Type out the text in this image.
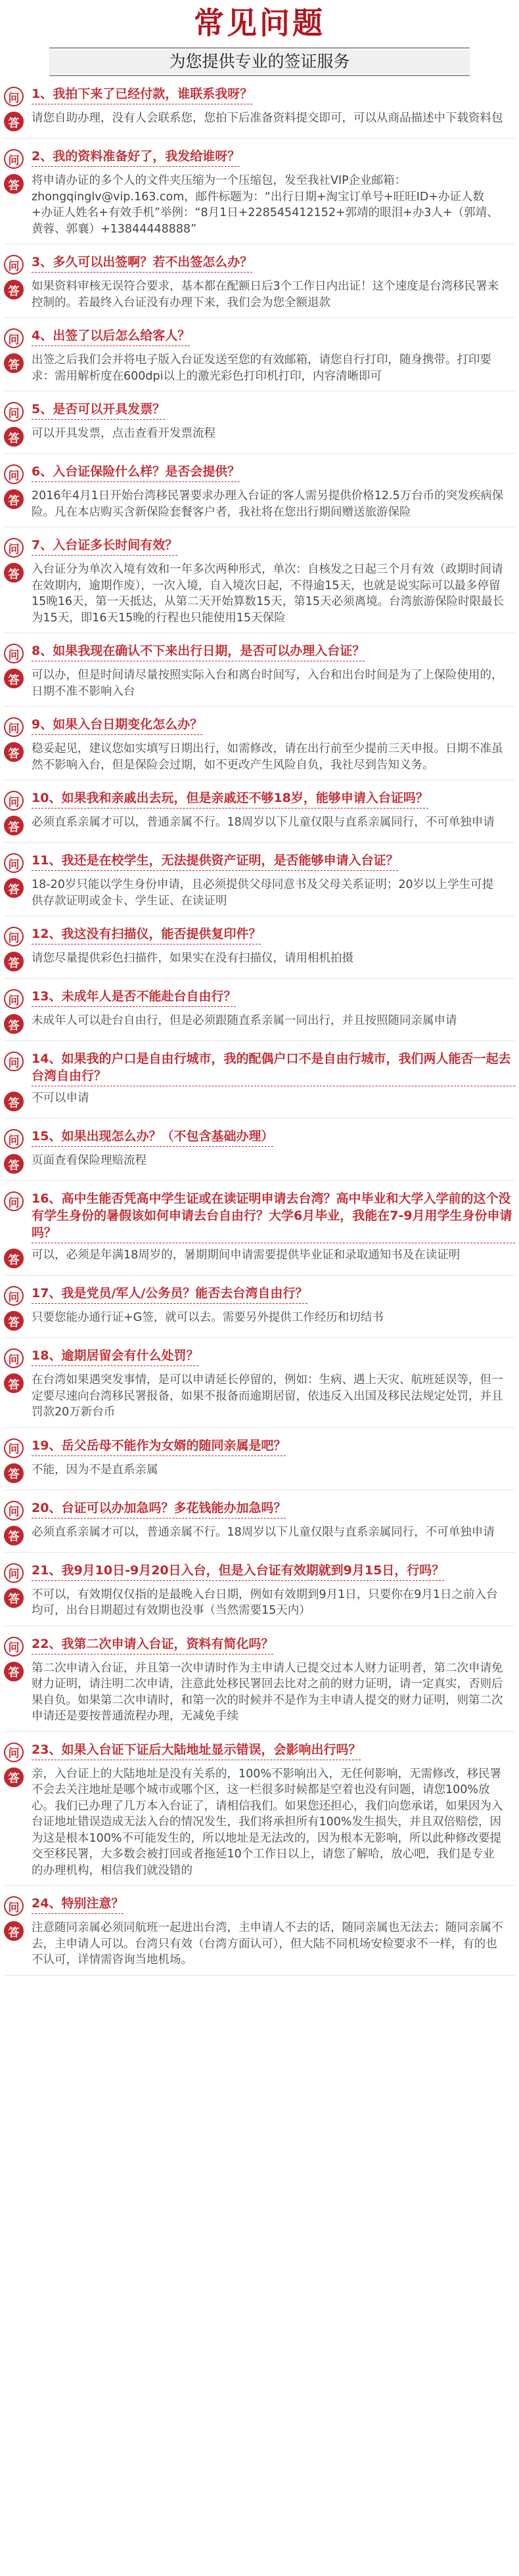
常见问题
为您提供专业的签证服务
问 1、我拍下来了已经付款，谁联系我呀？
答	请您自助办理，没有人会联系您，您拍下后准备资料提交即可，可以从商品描述中下载资料包
问 2、我的资料准备好了，我发给谁呀？
答	将申请办证的多个人的文件夹压缩为一个压缩包，发至我社VIP企业邮箱：zhongqinglv@vip.163.com，邮件标题为：“出行日期+淘宝订单号+旺旺ID+办证人数+办证人姓名+有效手机”举例：“8月1日+228545412152+郭靖的眼泪+办3人+（郭靖、黄蓉、郭襄）+13844448888”
问 3、多久可以出签啊？若不出签怎么办？
答	如果资料审核无误符合要求，基本都在配额日后3个工作日内出证！这个速度是台湾移民署来控制的。若最终入台证没有办理下来，我们会为您全额退款
问 4、出签了以后怎么给客人？
答	出签之后我们会并将电子版入台证发送至您的有效邮箱，请您自行打印，随身携带。打印要求：需用解析度在600dpi以上的激光彩色打印机打印，内容清晰即可
问 5、是否可以开具发票？
答	可以开具发票，点击查看开发票流程
问 6、入台证保险什么样？是否会提供？
答	2016年4月1日开始台湾移民署要求办理入台证的客人需另提供价格12.5万台币的突发疾病保险。凡在本店购买含新保险套餐客户者，我社将在您出行期间赠送旅游保险
问 7、入台证多长时间有效？
答	入台证分为单次入境有效和一年多次两种形式，单次：自核发之日起三个月有效（政期时间请在效期内，逾期作废），一次入境，自入境次日起，不得逾15天，也就是说实际可以最多停留15晚16天，第一天抵达，从第二天开始算数15天，第15天必须离境。台湾旅游保险时限最长为15天，即16天15晚的行程也只能使用15天保险
问 8、如果我现在确认不下来出行日期，是否可以办理入台证？
答	可以办，但是时间请尽量按照实际入台和离台时间写，入台和出台时间是为了上保险使用的，日期不准不影响入台
问 9、如果入台日期变化怎么办？
答	稳妥起见，建议您如实填写日期出行，如需修改，请在出行前至少提前三天申报。日期不准虽然不影响入台，但是保险会过期，如不更改产生风险自负，我社尽到告知义务。
问 10、如果我和亲戚出去玩，但是亲戚还不够18岁，能够申请入台证吗？
答	必须直系亲属才可以，普通亲属不行。18周岁以下儿童仅限与直系亲属同行，不可单独申请
问 11、我还是在校学生，无法提供资产证明，是否能够申请入台证？
答	18-20岁只能以学生身份申请，且必须提供父母同意书及父母关系证明；20岁以上学生可提供存款证明或金卡、学生证、在读证明
问 12、我这没有扫描仪，能否提供复印件？
答	请您尽量提供彩色扫描件，如果实在没有扫描仪，请用相机拍摄
问 13、未成年人是否不能赴台自由行？
答	未成年人可以赴台自由行，但是必须跟随直系亲属一同出行，并且按照随同亲属申请
问 14、如果我的户口是自由行城市，我的配偶户口不是自由行城市，我们两人能否一起去台湾自由行？
答	不可以申请
问 15、如果出现怎么办？（不包含基础办理）
答	页面查看保险理赔流程
问 16、高中生能否凭高中学生证或在读证明申请去台湾？高中毕业和大学入学前的这个没有学生身份的暑假该如何申请去台自由行？大学6月毕业，我能在7-9月用学生身份申请吗？
答	可以，必须是年满18周岁的，暑期期间申请需要提供毕业证和录取通知书及在读证明
问 17、我是党员/军人/公务员？能否去台湾自由行？
答	只要您能办通行证+G签，就可以去。需要另外提供工作经历和切结书
问 18、逾期居留会有什么处罚？
答	在台湾如果遇突发事情，是可以申请延长停留的，例如：生病、遇上天灾、航班延误等，但一定要尽速向台湾移民署报备，如果不报备而逾期居留，依违反入出国及移民法规定处罚，并且罚款20万新台币
问 19、岳父岳母不能作为女婿的随同亲属是吧？
答	不能，因为不是直系亲属
问 20、台证可以办加急吗？多花钱能办加急吗？
答	必须直系亲属才可以，普通亲属不行。18周岁以下儿童仅限与直系亲属同行，不可单独申请
问 21、我9月10日-9月20日入台，但是入台证有效期就到9月15日，行吗？
答	不可以，有效期仅仅指的是最晚入台日期，例如有效期到9月1日，只要你在9月1日之前入台均可，出台日期超过有效期也没事（当然需要15天内）
问 22、我第二次申请入台证，资料有简化吗？
答	第二次申请入台证，并且第一次申请时作为主申请人已提交过本人财力证明者，第二次申请免财力证明，请注明二次申请，注意此处移民署回去比对之前的财力证明，请一定真实，否则后果自负。如果第二次申请时，和第一次的时候并不是作为主申请人提交的财力证明，则第二次申请还是要按普通流程办理，无减免手续
问 23、如果入台证下证后大陆地址显示错误，会影响出行吗？
答	亲，入台证上的大陆地址是没有关系的，100%不影响出入，无任何影响，无需修改，移民署不会去关注地址是哪个城市或哪个区，这一栏很多时候都是空着也没有问题，请您100%放心。我们已办理了几万本入台证了，请相信我们。如果您还担心，我们向您承诺，如果因为入台证地址错误造成无法入台的情况发生，我们将承担所有100%发生损失，并且双倍赔偿，因为这是根本100%不可能发生的，所以地址是无法改的，因为根本无影响，所以此种修改要提交至移民署，大多数会被打回或者拖延10个工作日以上，请您了解哈，放心吧，我们是专业的办理机构，相信我们就没错的
问 24、特别注意？
答	注意随同亲属必须同航班一起进出台湾，主申请人不去的话，随同亲属也无法去；随同亲属不去，主申请人可以。台湾只有效（台湾方面认可），但大陆不同机场安检要求不一样，有的也不认可，详情需咨询当地机场。
